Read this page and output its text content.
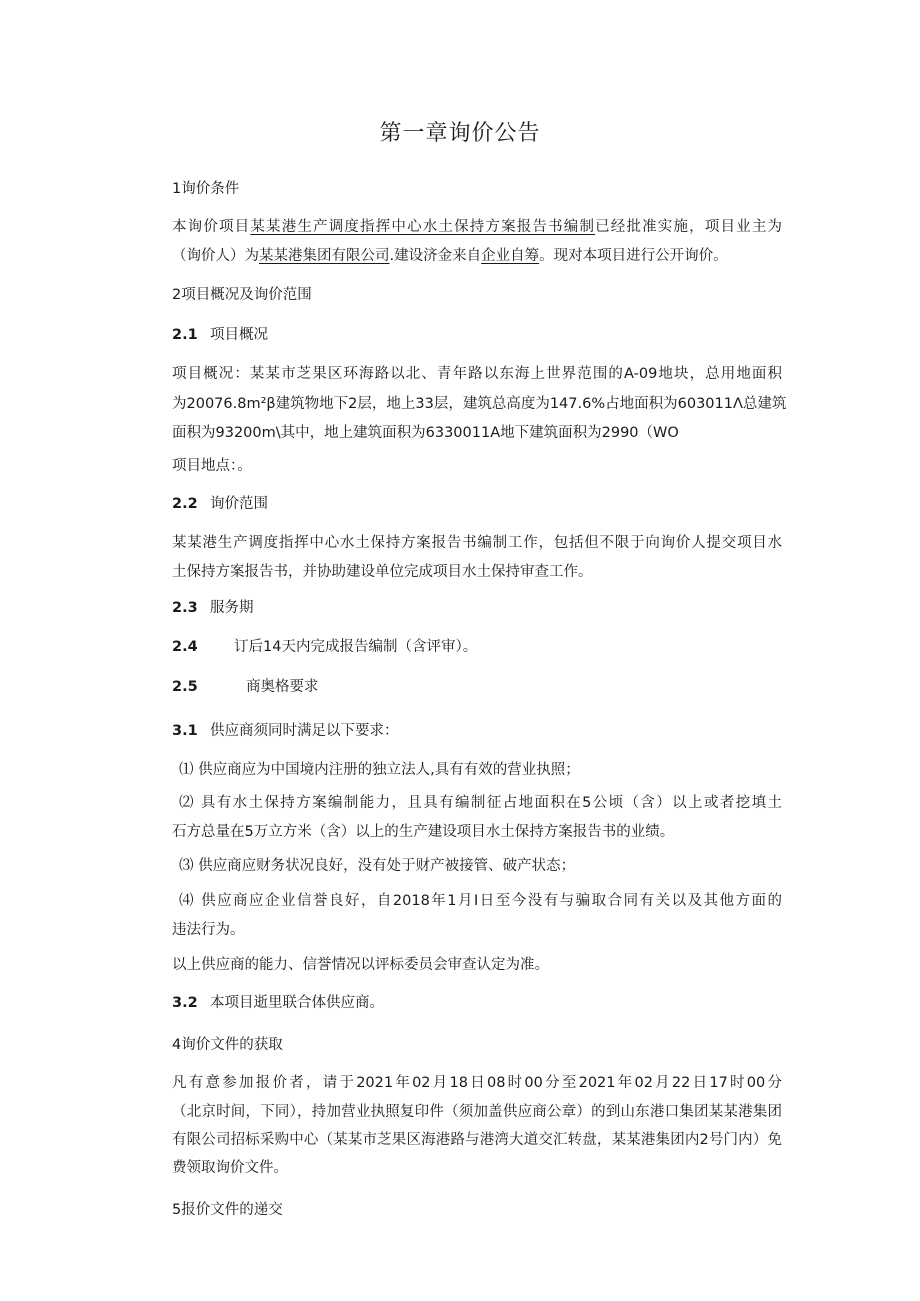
第一章询价公告
1询价条件
本询价项目某某港生产调度指挥中心水土保持方案报告书编制已经批准实施，项目业主为
（询价人）为某某港集团有限公司.建设济金来自企业自筹。现对本项目进行公开询价。
2项目概况及询价范围
2.1 项目概况
项目概况：某某市芝果区环海路以北、青年路以东海上世界范围的A-09地块，总用地面积
为20076.8m²β建筑物地下2层，地上33层，建筑总高度为147.6%占地面积为603011Λ总建筑
面积为93200m\其中，地上建筑面积为6330011A地下建筑面积为2990（WO
项目地点：。
2.2 询价范围
某某港生产调度指挥中心水土保持方案报告书编制工作，包括但不限于向询价人提交项目水
土保持方案报告书，并协助建设单位完成项目水土保持审查工作。
2.3 服务期
2.4	订后14天内完成报告编制（含评审）。
2.5	商奥格要求
3.1 供应商须同时满足以下要求：
⑴ 供应商应为中国境内注册的独立法人,具有有效的营业执照；
⑵ 具有水土保持方案编制能力，且具有编制征占地面积在5公顷（含）以上或者挖填土
石方总量在5万立方米（含）以上的生产建设项目水土保持方案报告书的业绩。
⑶ 供应商应财务状况良好，没有处于财产被接管、破产状态；
⑷ 供应商应企业信誉良好，自2018年1月I日至今没有与骗取合同有关以及其他方面的
违法行为。
以上供应商的能力、信誉情况以评标委员会审查认定为准。
3.2 本项目逝里联合体供应商。
4询价文件的获取
凡有意参加报价者，请于2021年02月18日08时00分至2021年02月22日17时00分
（北京时间，下同），持加营业执照复印件（须加盖供应商公章）的到山东港口集团某某港集团
有限公司招标采购中心（某某市芝果区海港路与港湾大道交汇转盘，某某港集团内2号门内）免
费领取询价文件。
5报价文件的递交
